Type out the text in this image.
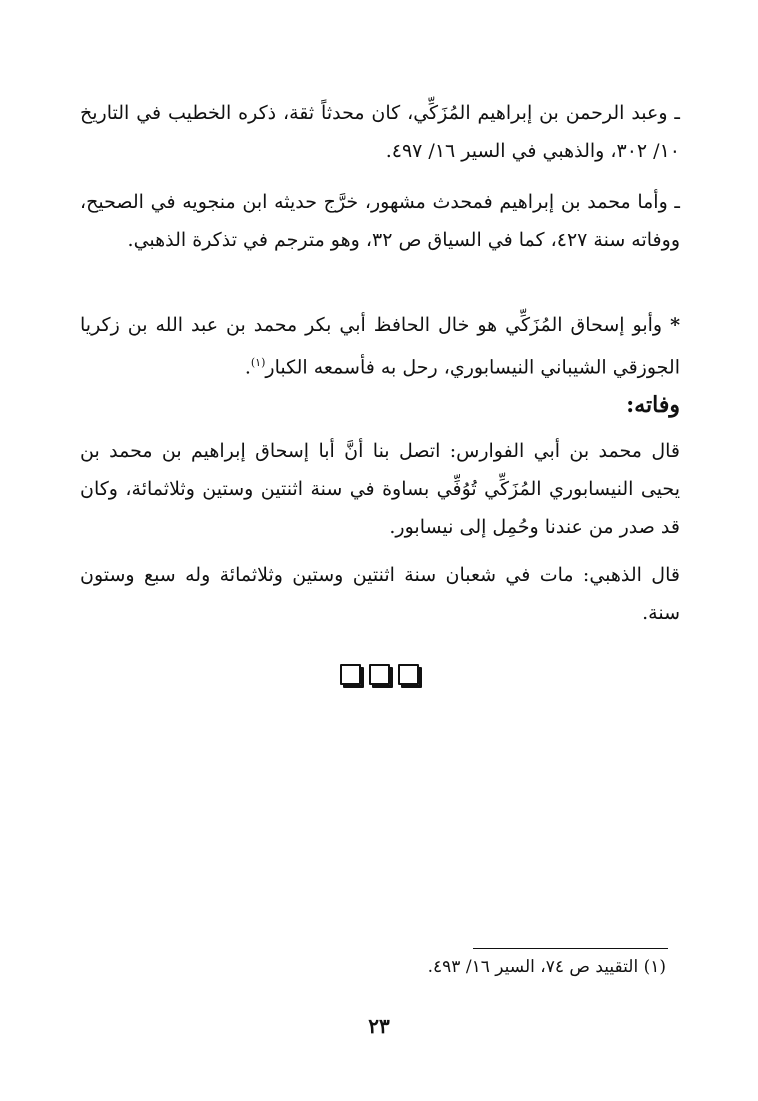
ـ وعبد الرحمن بن إبراهيم المُزَكِّي، كان محدثاً ثقة، ذكره الخطيب في التاريخ ١٠/ ٣٠٢، والذهبي في السير ١٦/ ٤٩٧.

ـ وأما محمد بن إبراهيم فمحدث مشهور، خرَّج حديثه ابن منجويه في الصحيح، ووفاته سنة ٤٢٧، كما في السياق ص ٣٢، وهو مترجم في تذكرة الذهبي.

* وأبو إسحاق المُزَكِّي هو خال الحافظ أبي بكر محمد بن عبد الله بن زكريا الجوزقي الشيباني النيسابوري، رحل به فأسمعه الكبار$^{(١)}$.

وفاته:

قال محمد بن أبي الفوارس: اتصل بنا أنَّ أبا إسحاق إبراهيم بن محمد بن يحيى النيسابوري المُزَكِّي تُوُفِّي بساوة في سنة اثنتين وستين وثلاثمائة، وكان قد صدر من عندنا وحُمِل إلى نيسابور.

قال الذهبي: مات في شعبان سنة اثنتين وستين وثلاثمائة وله سبع وستون سنة.

(١) التقييد ص ٧٤، السير ١٦/ ٤٩٣.
٢٣
